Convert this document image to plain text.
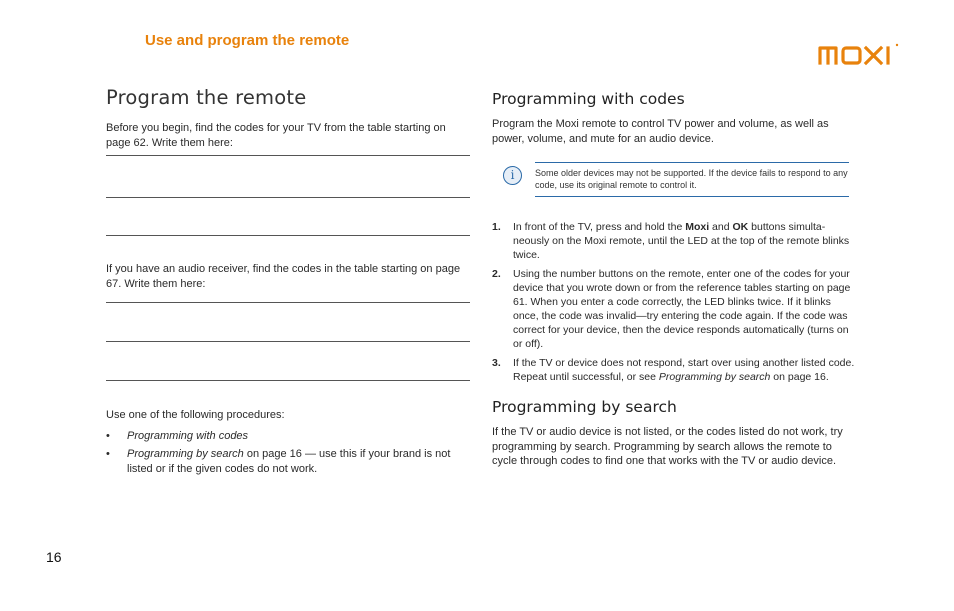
Use and program the remote
Program the remote

Before you begin, find the codes for your TV from the table starting on page 62. Write them here:

If you have an audio receiver, find the codes in the table starting on page 67. Write them here:

Use one of the following procedures:

• Programming with codes
• Programming by search on page 16 — use this if your brand is not listed or if the given codes do not work.
Programming with codes

Program the Moxi remote to control TV power and volume, as well as power, volume, and mute for an audio device.

i	Some older devices may not be supported. If the device fails to respond to any code, use its original remote to control it.
1. In front of the TV, press and hold the Moxi and OK buttons simultaneously on the Moxi remote, until the LED at the top of the remote blinks twice.
2. Using the number buttons on the remote, enter one of the codes for your device that you wrote down or from the reference tables starting on page 61. When you enter a code correctly, the LED blinks twice. If it blinks once, the code was invalid—try entering the code again. If the code was correct for your device, then the device responds automatically (turns on or off).
3. If the TV or device does not respond, start over using another listed code. Repeat until successful, or see Programming by search on page 16.
Programming by search

If the TV or audio device is not listed, or the codes listed do not work, try programming by search. Programming by search allows the remote to cycle through codes to find one that works with the TV or audio device.

16
